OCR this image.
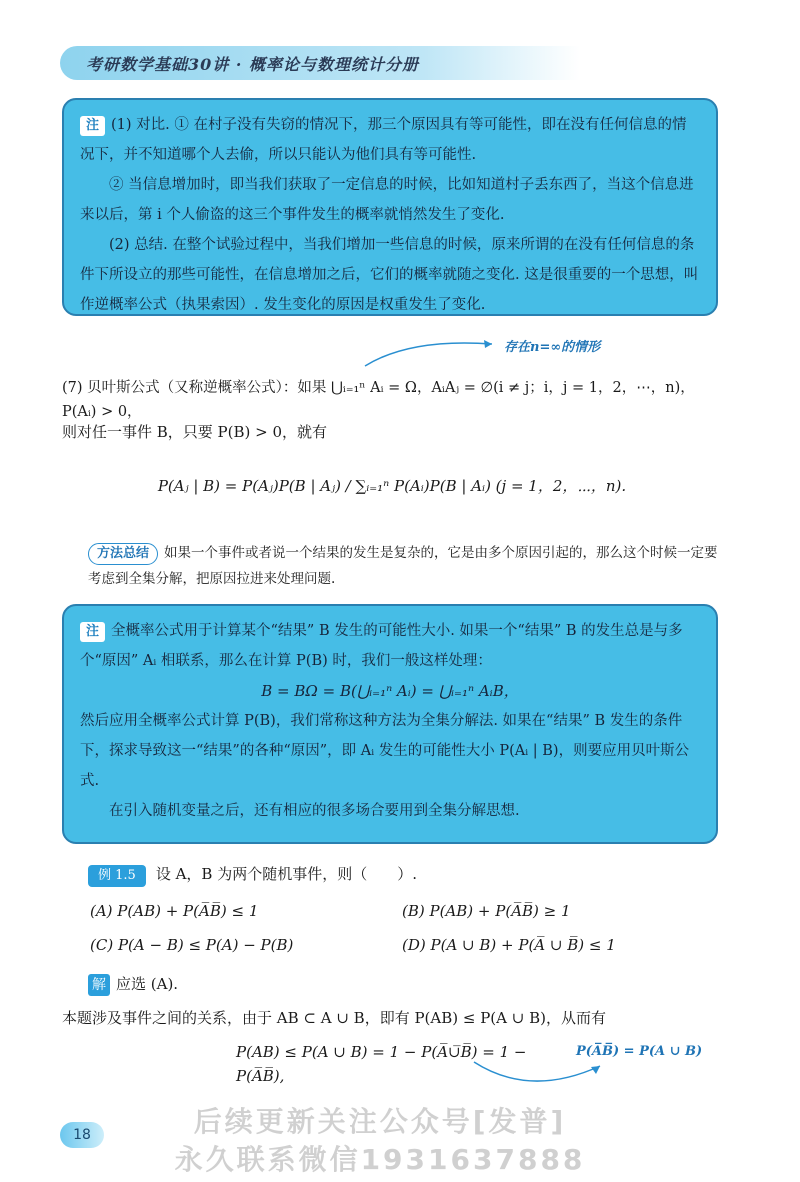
考研数学基础30讲 · 概率论与数理统计分册

注 (1) 对比. ① 在村子没有失窃的情况下，那三个原因具有等可能性，即在没有任何信息的情况下，并不知道哪个人去偷，所以只能认为他们具有等可能性.

② 当信息增加时，即当我们获取了一定信息的时候，比如知道村子丢东西了，当这个信息进来以后，第 i 个人偷盗的这三个事件发生的概率就悄然发生了变化.

(2) 总结. 在整个试验过程中，当我们增加一些信息的时候，原来所谓的在没有任何信息的条件下所设立的那些可能性，在信息增加之后，它们的概率就随之变化. 这是很重要的一个思想，叫作逆概率公式（执果索因）. 发生变化的原因是权重发生了变化.

存在n=∞的情形
(7) 贝叶斯公式（又称逆概率公式）：如果 ⋃ᵢ₌₁ⁿ Aᵢ = Ω，AᵢAⱼ = ∅(i ≠ j；i，j = 1，2，⋯，n)，P(Aᵢ) > 0，
则对任一事件 B，只要 P(B) > 0，就有
P(Aⱼ | B) = P(Aⱼ)P(B | Aⱼ) / ∑ᵢ₌₁ⁿ P(Aᵢ)P(B | Aᵢ) (j = 1，2，⋯，n).
方法总结 如果一个事件或者说一个结果的发生是复杂的，它是由多个原因引起的，那么这个时候一定要考虑到全集分解，把原因拉进来处理问题.

注 全概率公式用于计算某个“结果” B 发生的可能性大小. 如果一个“结果” B 的发生总是与多个“原因” Aᵢ 相联系，那么在计算 P(B) 时，我们一般这样处理：

B = BΩ = B(⋃ᵢ₌₁ⁿ Aᵢ) = ⋃ᵢ₌₁ⁿ AᵢB，

然后应用全概率公式计算 P(B)，我们常称这种方法为全集分解法. 如果在“结果” B 发生的条件下，探求导致这一“结果”的各种“原因”，即 Aᵢ 发生的可能性大小 P(Aᵢ | B)，则要应用贝叶斯公式.

在引入随机变量之后，还有相应的很多场合要用到全集分解思想.

例 1.5 设 A，B 为两个随机事件，则（　　）.
(A) P(AB) + P(A̅B̅) ≤ 1	(B) P(AB) + P(A̅B̅) ≥ 1
(C) P(A − B) ≤ P(A) − P(B)	(D) P(A ∪ B) + P(A̅ ∪ B̅) ≤ 1
解 应选 (A).
本题涉及事件之间的关系，由于 AB ⊂ A ∪ B，即有 P(AB) ≤ P(A ∪ B)，从而有
P(AB) ≤ P(A ∪ B) = 1 − P(A̅∪̅B̅) = 1 − P(A̅B̅),
P(A̅B̅) = P(A ∪ B)
18	后续更新关注公众号[发普]
永久联系微信1931637888
